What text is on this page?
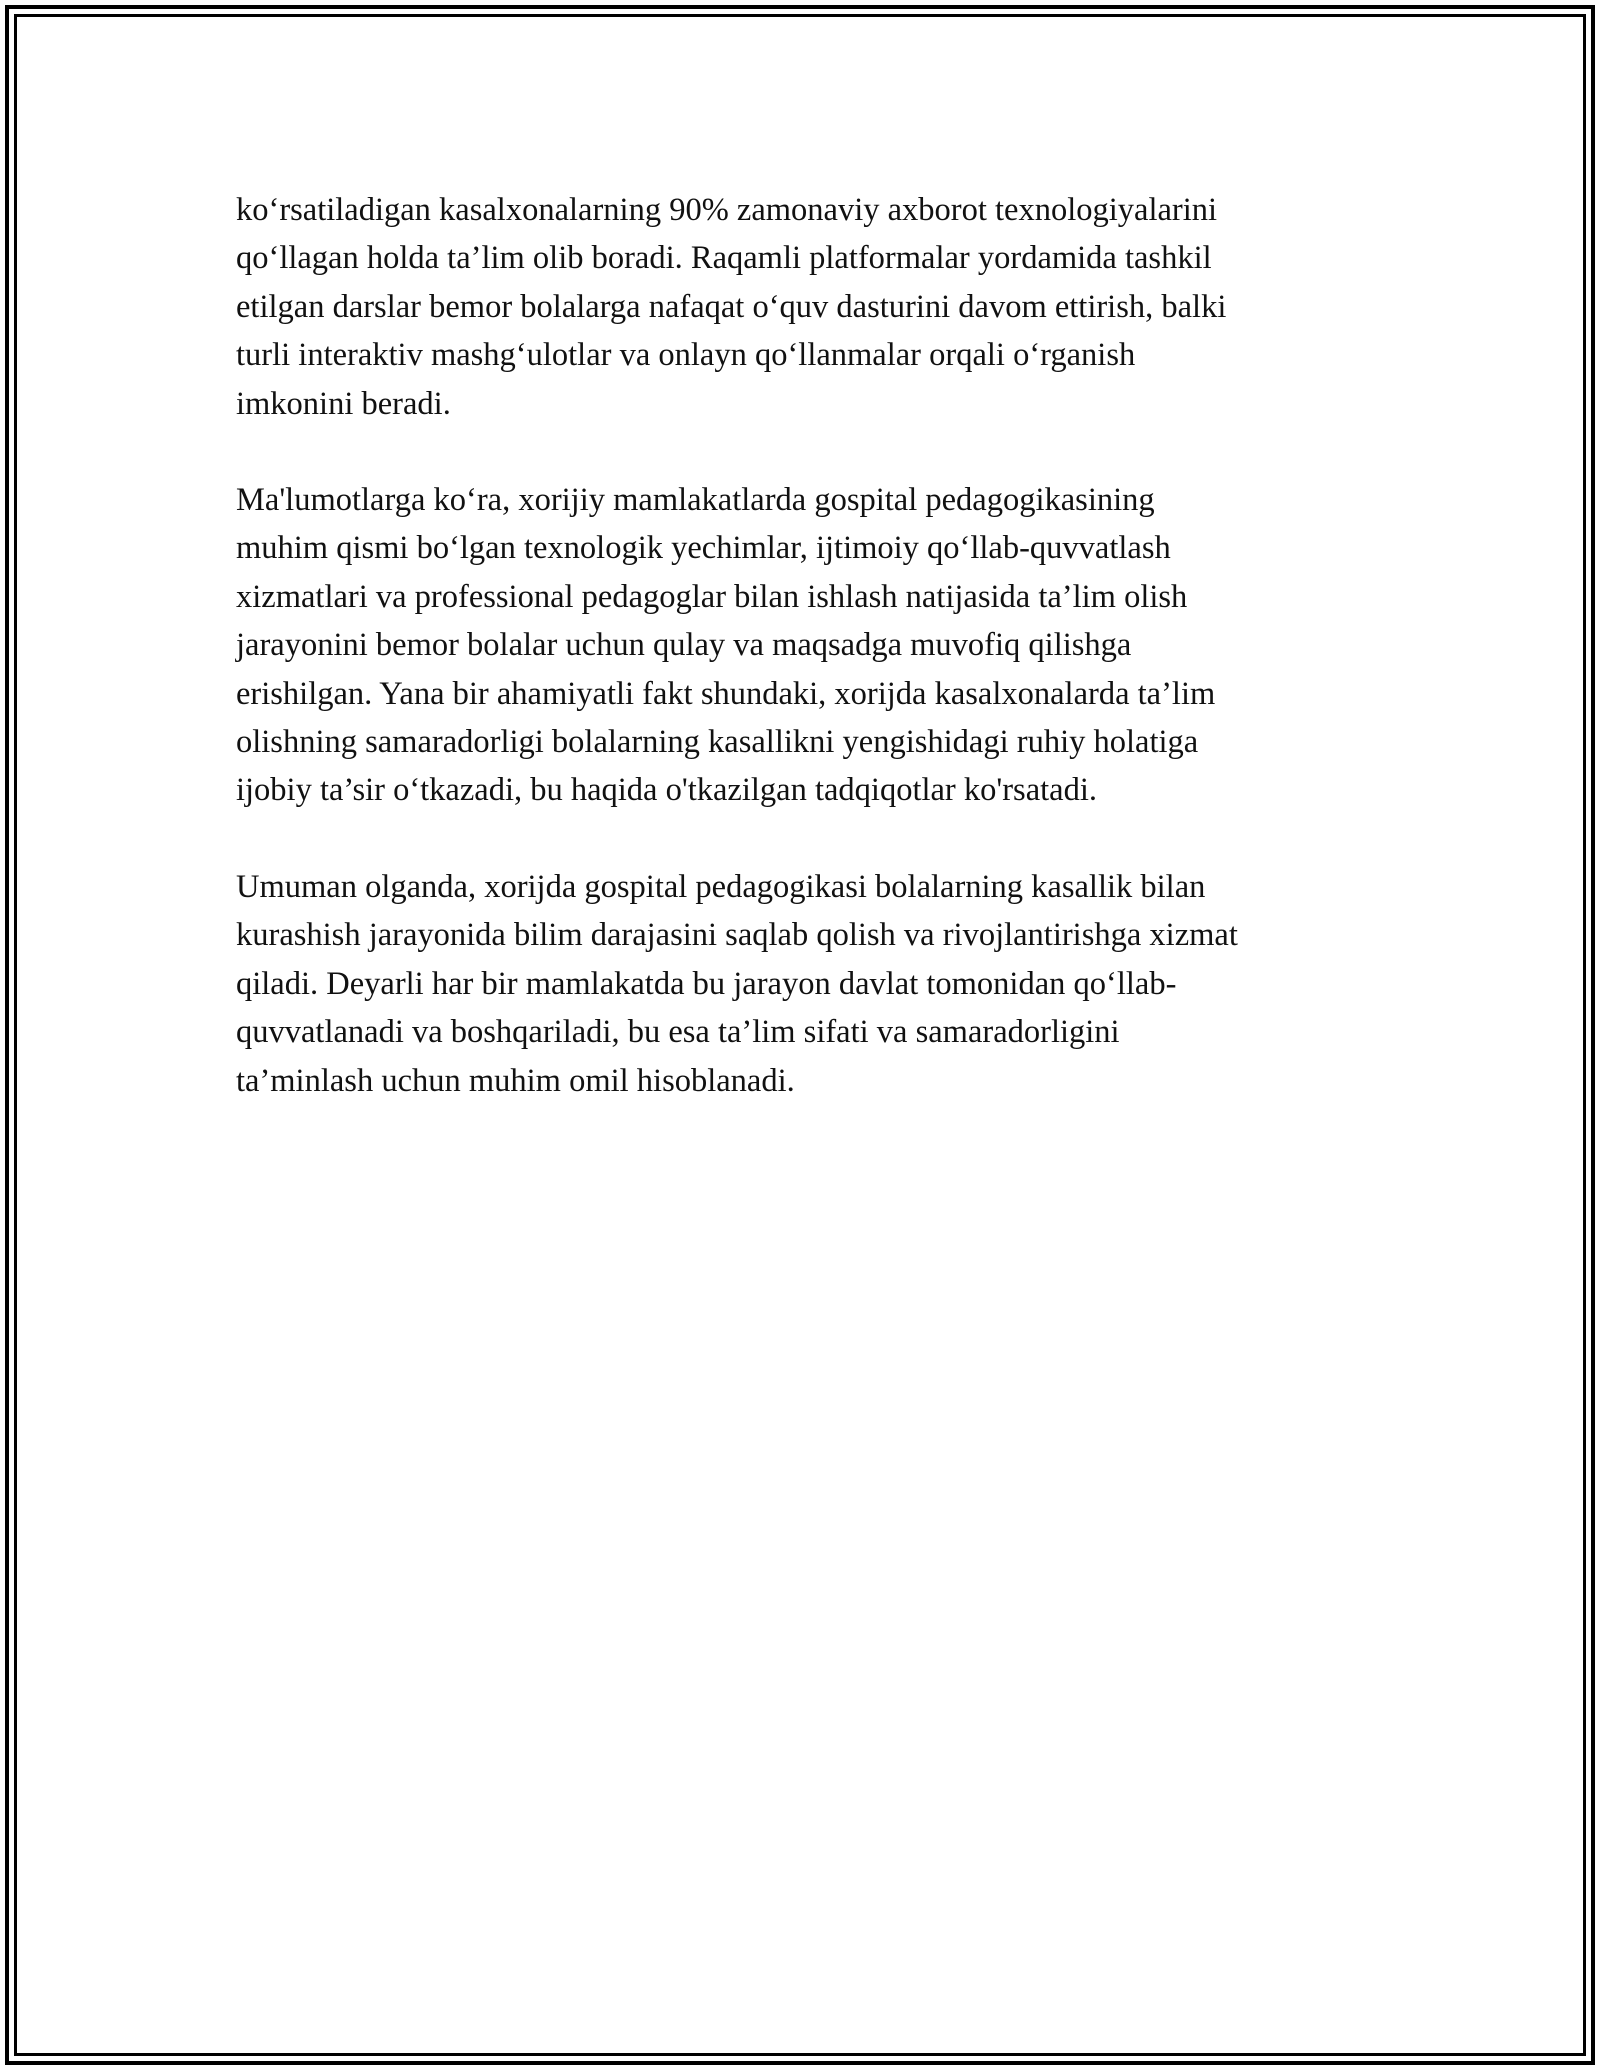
ko‘rsatiladigan kasalxonalarning 90% zamonaviy axborot texnologiyalarini
qo‘llagan holda ta’lim olib boradi. Raqamli platformalar yordamida tashkil
etilgan darslar bemor bolalarga nafaqat o‘quv dasturini davom ettirish, balki
turli interaktiv mashg‘ulotlar va onlayn qo‘llanmalar orqali o‘rganish
imkonini beradi.

Ma'lumotlarga ko‘ra, xorijiy mamlakatlarda gospital pedagogikasining
muhim qismi bo‘lgan texnologik yechimlar, ijtimoiy qo‘llab-quvvatlash
xizmatlari va professional pedagoglar bilan ishlash natijasida ta’lim olish
jarayonini bemor bolalar uchun qulay va maqsadga muvofiq qilishga
erishilgan. Yana bir ahamiyatli fakt shundaki, xorijda kasalxonalarda ta’lim
olishning samaradorligi bolalarning kasallikni yengishidagi ruhiy holatiga
ijobiy ta’sir o‘tkazadi, bu haqida o'tkazilgan tadqiqotlar ko'rsatadi.

Umuman olganda, xorijda gospital pedagogikasi bolalarning kasallik bilan
kurashish jarayonida bilim darajasini saqlab qolish va rivojlantirishga xizmat
qiladi. Deyarli har bir mamlakatda bu jarayon davlat tomonidan qo‘llab-
quvvatlanadi va boshqariladi, bu esa ta’lim sifati va samaradorligini
ta’minlash uchun muhim omil hisoblanadi.
